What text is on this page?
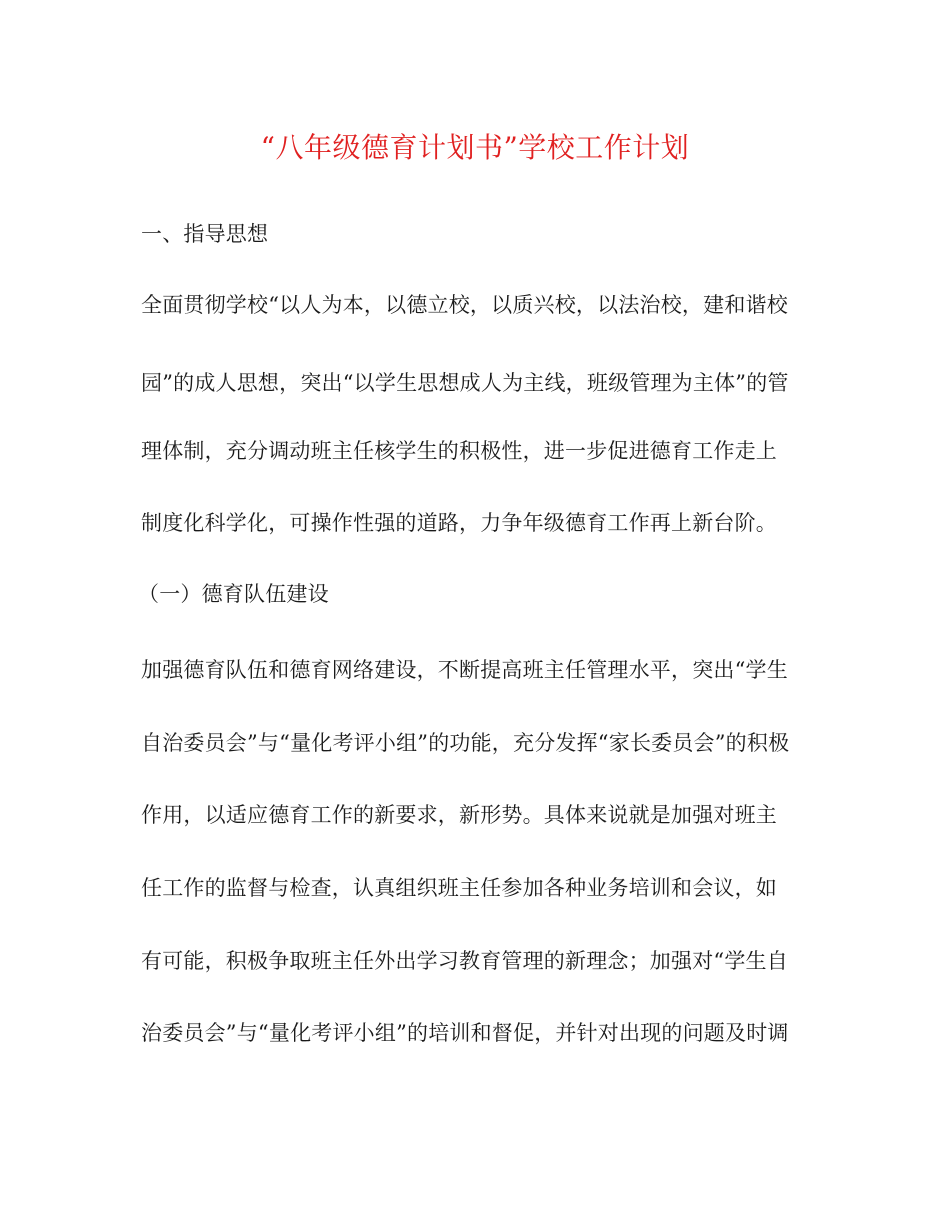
“八年级德育计划书”学校工作计划
一、指导思想
全面贯彻学校“以人为本，以德立校，以质兴校，以法治校，建和谐校
园”的成人思想，突出“以学生思想成人为主线，班级管理为主体”的管
理体制，充分调动班主任核学生的积极性，进一步促进德育工作走上
制度化科学化，可操作性强的道路，力争年级德育工作再上新台阶。
（一）德育队伍建设
加强德育队伍和德育网络建设，不断提高班主任管理水平，突出“学生
自治委员会”与“量化考评小组”的功能，充分发挥“家长委员会”的积极
作用，以适应德育工作的新要求，新形势。具体来说就是加强对班主
任工作的监督与检查，认真组织班主任参加各种业务培训和会议，如
有可能，积极争取班主任外出学习教育管理的新理念；加强对“学生自
治委员会”与“量化考评小组”的培训和督促，并针对出现的问题及时调
